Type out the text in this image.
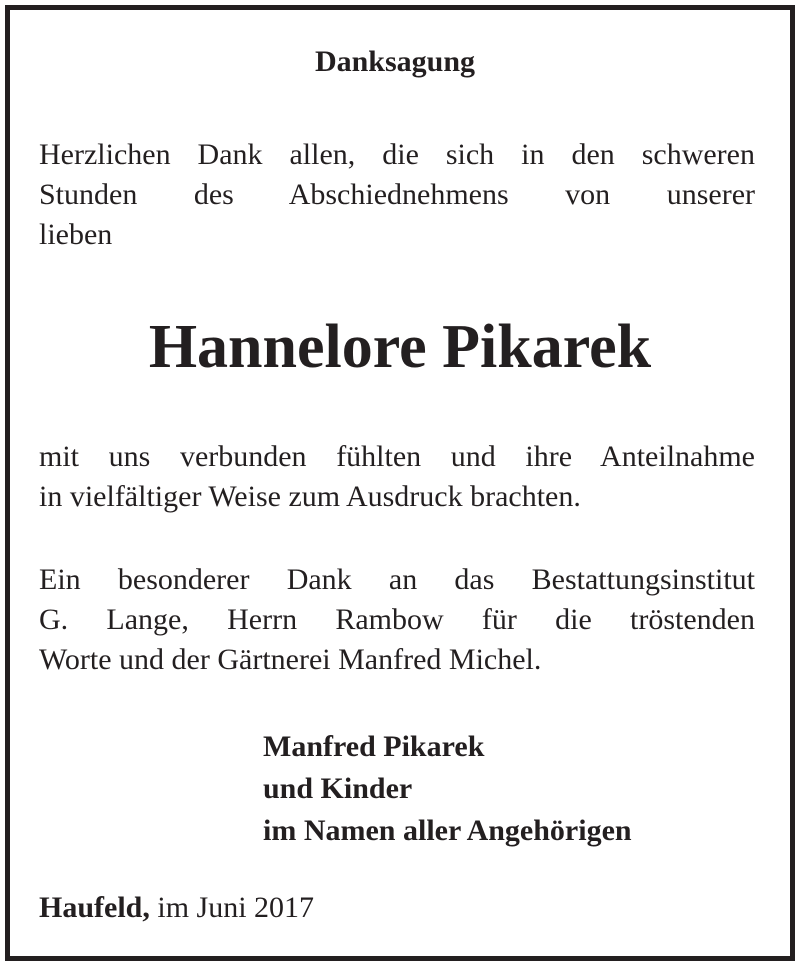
Danksagung
Herzlichen Dank allen, die sich in den schweren
Stunden des Abschiednehmens von unserer
lieben
Hannelore Pikarek
mit uns verbunden fühlten und ihre Anteilnahme
in vielfältiger Weise zum Ausdruck brachten.
Ein besonderer Dank an das Bestattungsinstitut
G. Lange, Herrn Rambow für die tröstenden
Worte und der Gärtnerei Manfred Michel.
Manfred Pikarek
und Kinder
im Namen aller Angehörigen
Haufeld, im Juni 2017
